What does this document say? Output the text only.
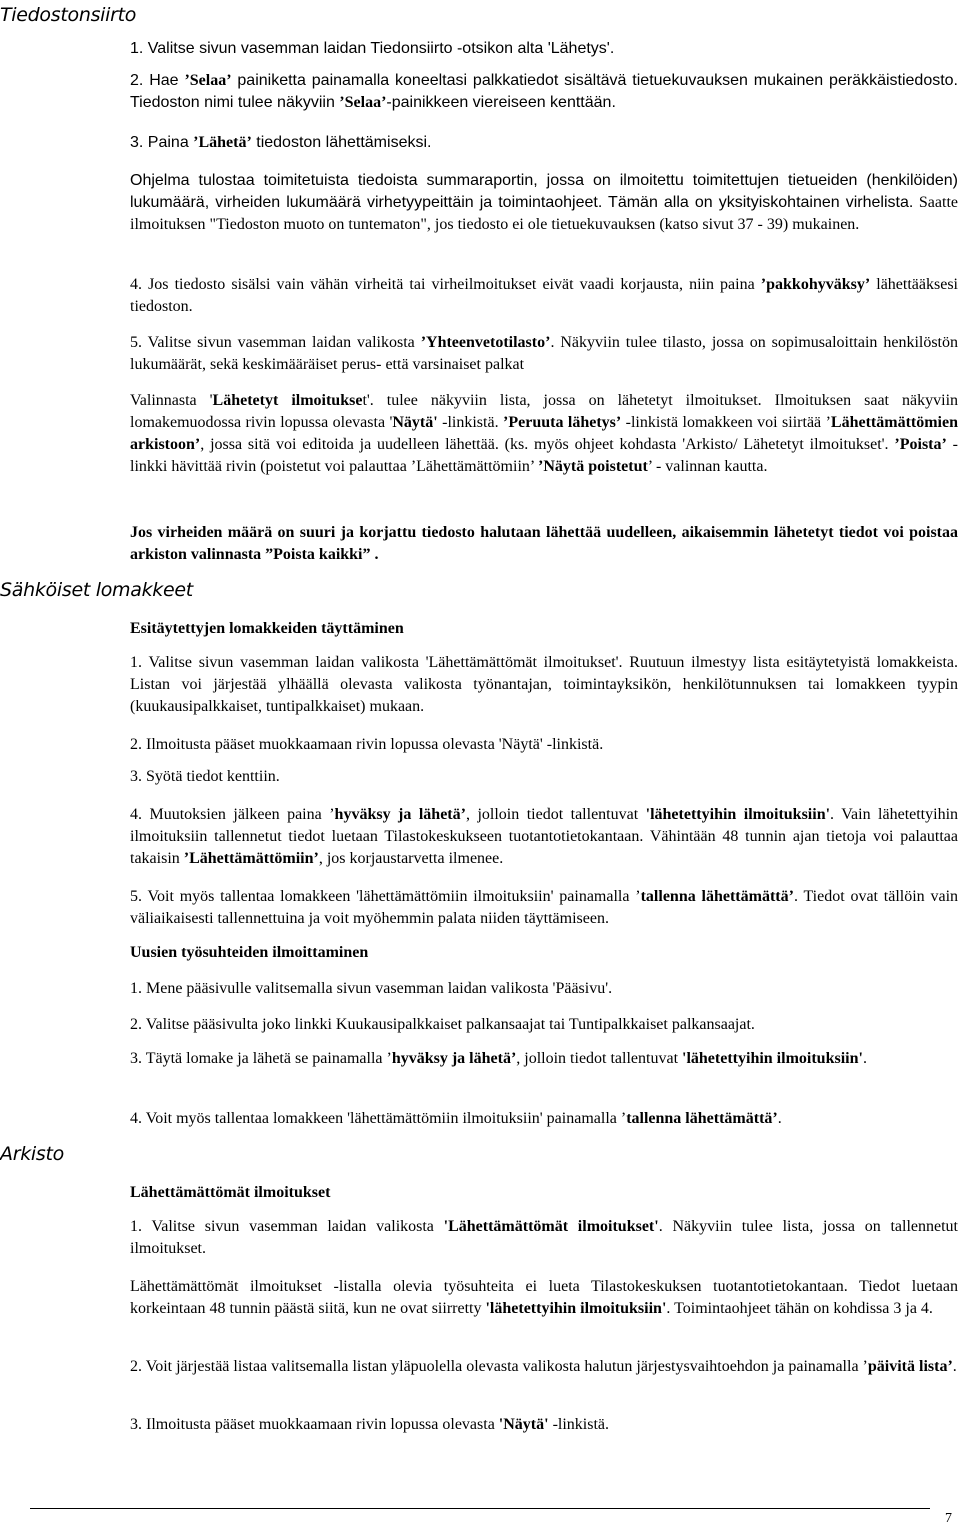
Tiedostonsiirto
Sähköiset lomakkeet
Arkisto

1. Valitse sivun vasemman laidan Tiedonsiirto -otsikon alta 'Lähetys'.

2. Hae ’Selaa’ painiketta painamalla koneeltasi palkkatiedot sisältävä tietuekuvauksen mukainen peräkkäistiedosto. Tiedoston nimi tulee näkyviin ’Selaa’-painikkeen viereiseen kenttään.

3. Paina ’Lähetä’ tiedoston lähettämiseksi.

Ohjelma tulostaa toimitetuista tiedoista summaraportin, jossa on ilmoitettu toimitettujen tietueiden (henkilöiden) lukumäärä, virheiden lukumäärä virhetyypeittäin ja toimintaohjeet. Tämän alla on yksityiskohtainen virhelista. Saatte ilmoituksen "Tiedoston muoto on tuntematon", jos tiedosto ei ole tietuekuvauksen (katso sivut 37 - 39) mukainen.

4. Jos tiedosto sisälsi vain vähän virheitä tai virheilmoitukset eivät vaadi korjausta, niin paina ’pakkohyväksy’ lähettääksesi tiedoston.

5. Valitse sivun vasemman laidan valikosta ’Yhteenvetotilasto’. Näkyviin tulee tilasto, jossa on sopimusaloittain henkilöstön lukumäärät, sekä keskimääräiset perus- että varsinaiset palkat

Valinnasta 'Lähetetyt ilmoitukset'. tulee näkyviin lista, jossa on lähetetyt ilmoitukset. Ilmoituksen saat näkyviin lomakemuodossa rivin lopussa olevasta 'Näytä' -linkistä. ’Peruuta lähetys’ -linkistä lomakkeen voi siirtää ’Lähettämättömien arkistoon’, jossa sitä voi editoida ja uudelleen lähettää. (ks. myös ohjeet kohdasta 'Arkisto/ Lähetetyt ilmoitukset'. ’Poista’ -linkki hävittää rivin (poistetut voi palauttaa ’Lähettämättömiin’ ’Näytä poistetut’ - valinnan kautta.

Jos virheiden määrä on suuri ja korjattu tiedosto halutaan lähettää uudelleen, aikaisemmin lähetetyt tiedot voi poistaa arkiston valinnasta ”Poista kaikki” .

Esitäytettyjen lomakkeiden täyttäminen

1. Valitse sivun vasemman laidan valikosta 'Lähettämättömät ilmoitukset'. Ruutuun ilmestyy lista esitäytetyistä lomakkeista. Listan voi järjestää ylhäällä olevasta valikosta työnantajan, toimintayksikön, henkilötunnuksen tai lomakkeen tyypin (kuukausipalkkaiset, tuntipalkkaiset) mukaan.

2. Ilmoitusta pääset muokkaamaan rivin lopussa olevasta 'Näytä' -linkistä.

3. Syötä tiedot kenttiin.

4. Muutoksien jälkeen paina ’hyväksy ja lähetä’, jolloin tiedot tallentuvat 'lähetettyihin ilmoituksiin'. Vain lähetettyihin ilmoituksiin tallennetut tiedot luetaan Tilastokeskukseen tuotantotietokantaan. Vähintään 48 tunnin ajan tietoja voi palauttaa takaisin ’Lähettämättömiin’, jos korjaustarvetta ilmenee.

5. Voit myös tallentaa lomakkeen 'lähettämättömiin ilmoituksiin' painamalla ’tallenna lähettämättä’. Tiedot ovat tällöin vain väliaikaisesti tallennettuina ja voit myöhemmin palata niiden täyttämiseen.

Uusien työsuhteiden ilmoittaminen

1. Mene pääsivulle valitsemalla sivun vasemman laidan valikosta 'Pääsivu'.

2. Valitse pääsivulta joko linkki Kuukausipalkkaiset palkansaajat tai Tuntipalkkaiset palkansaajat.

3. Täytä lomake ja lähetä se painamalla ’hyväksy ja lähetä’, jolloin tiedot tallentuvat 'lähetettyihin ilmoituksiin'.

4. Voit myös tallentaa lomakkeen 'lähettämättömiin ilmoituksiin' painamalla ’tallenna lähettämättä’.

Lähettämättömät ilmoitukset

1. Valitse sivun vasemman laidan valikosta 'Lähettämättömät ilmoitukset'. Näkyviin tulee lista, jossa on tallennetut ilmoitukset.

Lähettämättömät ilmoitukset -listalla olevia työsuhteita ei lueta Tilastokeskuksen tuotantotietokantaan. Tiedot luetaan korkeintaan 48 tunnin päästä siitä, kun ne ovat siirretty 'lähetettyihin ilmoituksiin'. Toimintaohjeet tähän on kohdissa 3 ja 4.

2. Voit järjestää listaa valitsemalla listan yläpuolella olevasta valikosta halutun järjestysvaihtoehdon ja painamalla ’päivitä lista’.

3. Ilmoitusta pääset muokkaamaan rivin lopussa olevasta 'Näytä' -linkistä.

7
